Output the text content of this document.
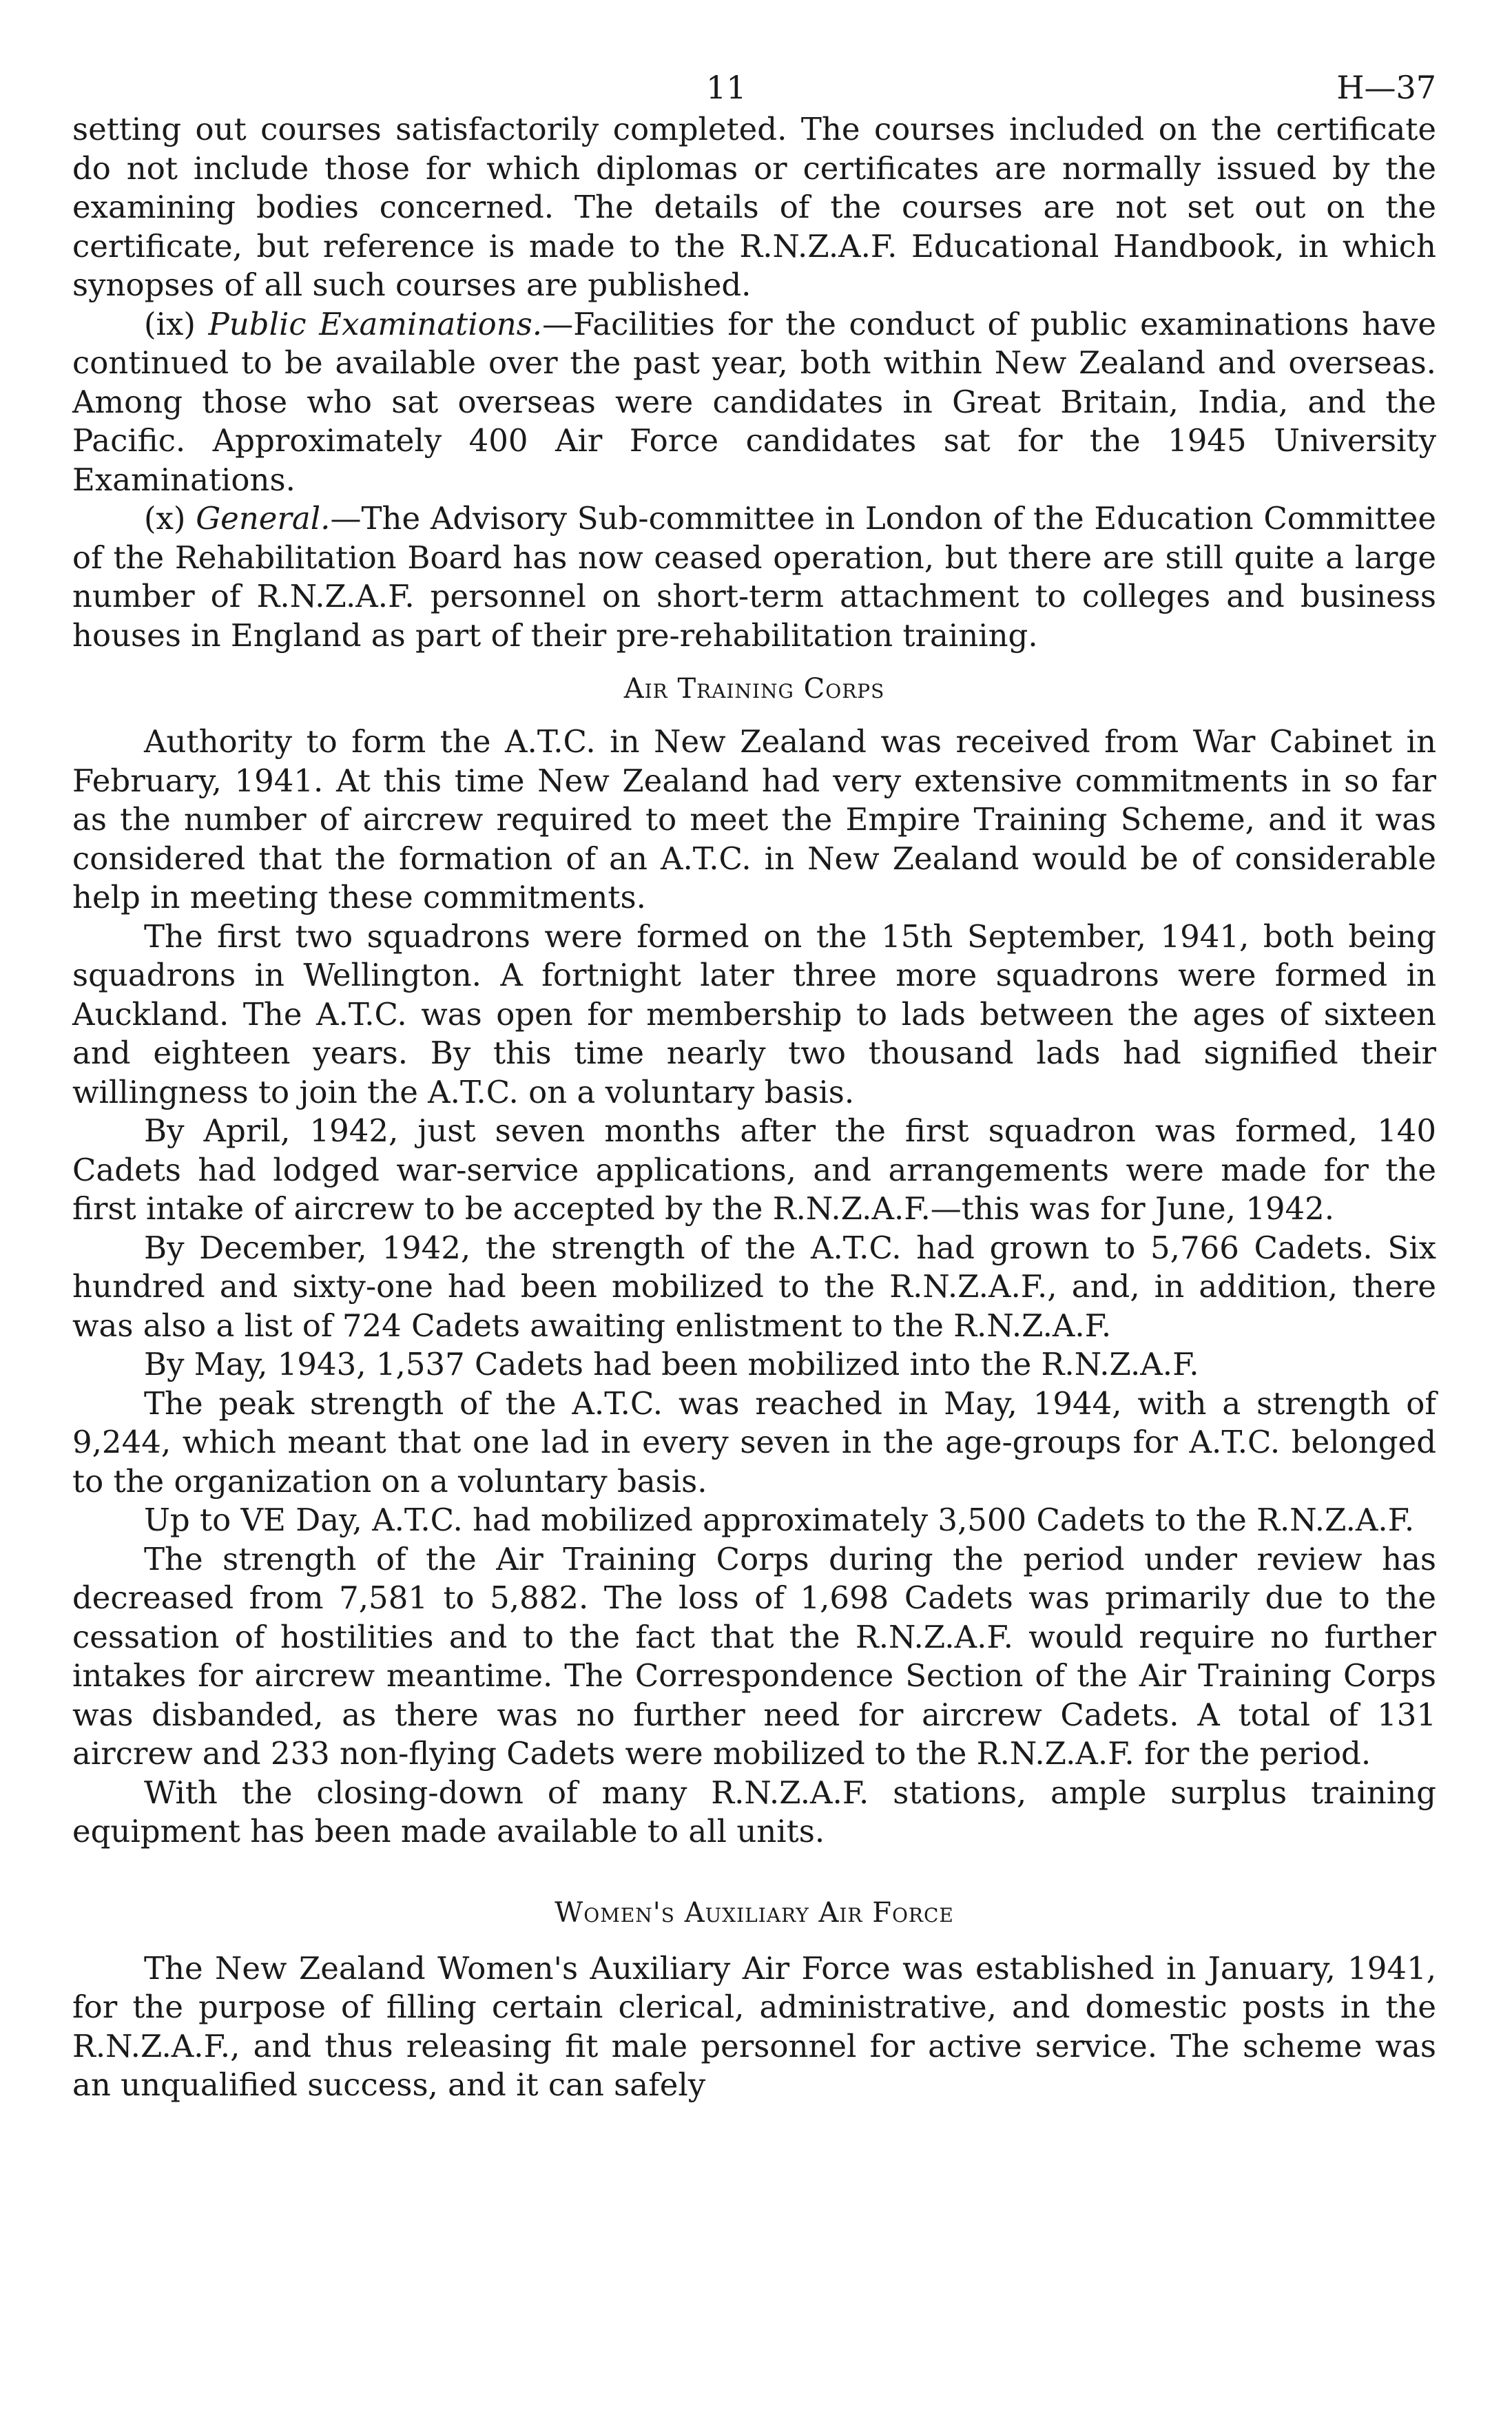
11	H—37

setting out courses satisfactorily completed. The courses included on the certificate do not include those for which diplomas or certificates are normally issued by the examining bodies concerned. The details of the courses are not set out on the certificate, but reference is made to the R.N.Z.A.F. Educational Handbook, in which synopses of all such courses are published.

(ix) Public Examinations.—Facilities for the conduct of public examinations have continued to be available over the past year, both within New Zealand and overseas. Among those who sat overseas were candidates in Great Britain, India, and the Pacific. Approximately 400 Air Force candidates sat for the 1945 University Examinations.

(x) General.—The Advisory Sub-committee in London of the Education Committee of the Rehabilitation Board has now ceased operation, but there are still quite a large number of R.N.Z.A.F. personnel on short-term attachment to colleges and business houses in England as part of their pre-rehabilitation training.

Air Training Corps

Authority to form the A.T.C. in New Zealand was received from War Cabinet in February, 1941. At this time New Zealand had very extensive commitments in so far as the number of aircrew required to meet the Empire Training Scheme, and it was considered that the formation of an A.T.C. in New Zealand would be of considerable help in meeting these commitments.

The first two squadrons were formed on the 15th September, 1941, both being squadrons in Wellington. A fortnight later three more squadrons were formed in Auckland. The A.T.C. was open for membership to lads between the ages of sixteen and eighteen years. By this time nearly two thousand lads had signified their willingness to join the A.T.C. on a voluntary basis.

By April, 1942, just seven months after the first squadron was formed, 140 Cadets had lodged war-service applications, and arrangements were made for the first intake of aircrew to be accepted by the R.N.Z.A.F.—this was for June, 1942.

By December, 1942, the strength of the A.T.C. had grown to 5,766 Cadets. Six hundred and sixty-one had been mobilized to the R.N.Z.A.F., and, in addition, there was also a list of 724 Cadets awaiting enlistment to the R.N.Z.A.F.

By May, 1943, 1,537 Cadets had been mobilized into the R.N.Z.A.F.

The peak strength of the A.T.C. was reached in May, 1944, with a strength of 9,244, which meant that one lad in every seven in the age-groups for A.T.C. belonged to the organization on a voluntary basis.

Up to VE Day, A.T.C. had mobilized approximately 3,500 Cadets to the R.N.Z.A.F.

The strength of the Air Training Corps during the period under review has decreased from 7,581 to 5,882. The loss of 1,698 Cadets was primarily due to the cessation of hostilities and to the fact that the R.N.Z.A.F. would require no further intakes for aircrew meantime. The Correspondence Section of the Air Training Corps was disbanded, as there was no further need for aircrew Cadets. A total of 131 aircrew and 233 non-flying Cadets were mobilized to the R.N.Z.A.F. for the period.

With the closing-down of many R.N.Z.A.F. stations, ample surplus training equipment has been made available to all units.

Women's Auxiliary Air Force

The New Zealand Women's Auxiliary Air Force was established in January, 1941, for the purpose of filling certain clerical, administrative, and domestic posts in the R.N.Z.A.F., and thus releasing fit male personnel for active service. The scheme was an unqualified success, and it can safely
